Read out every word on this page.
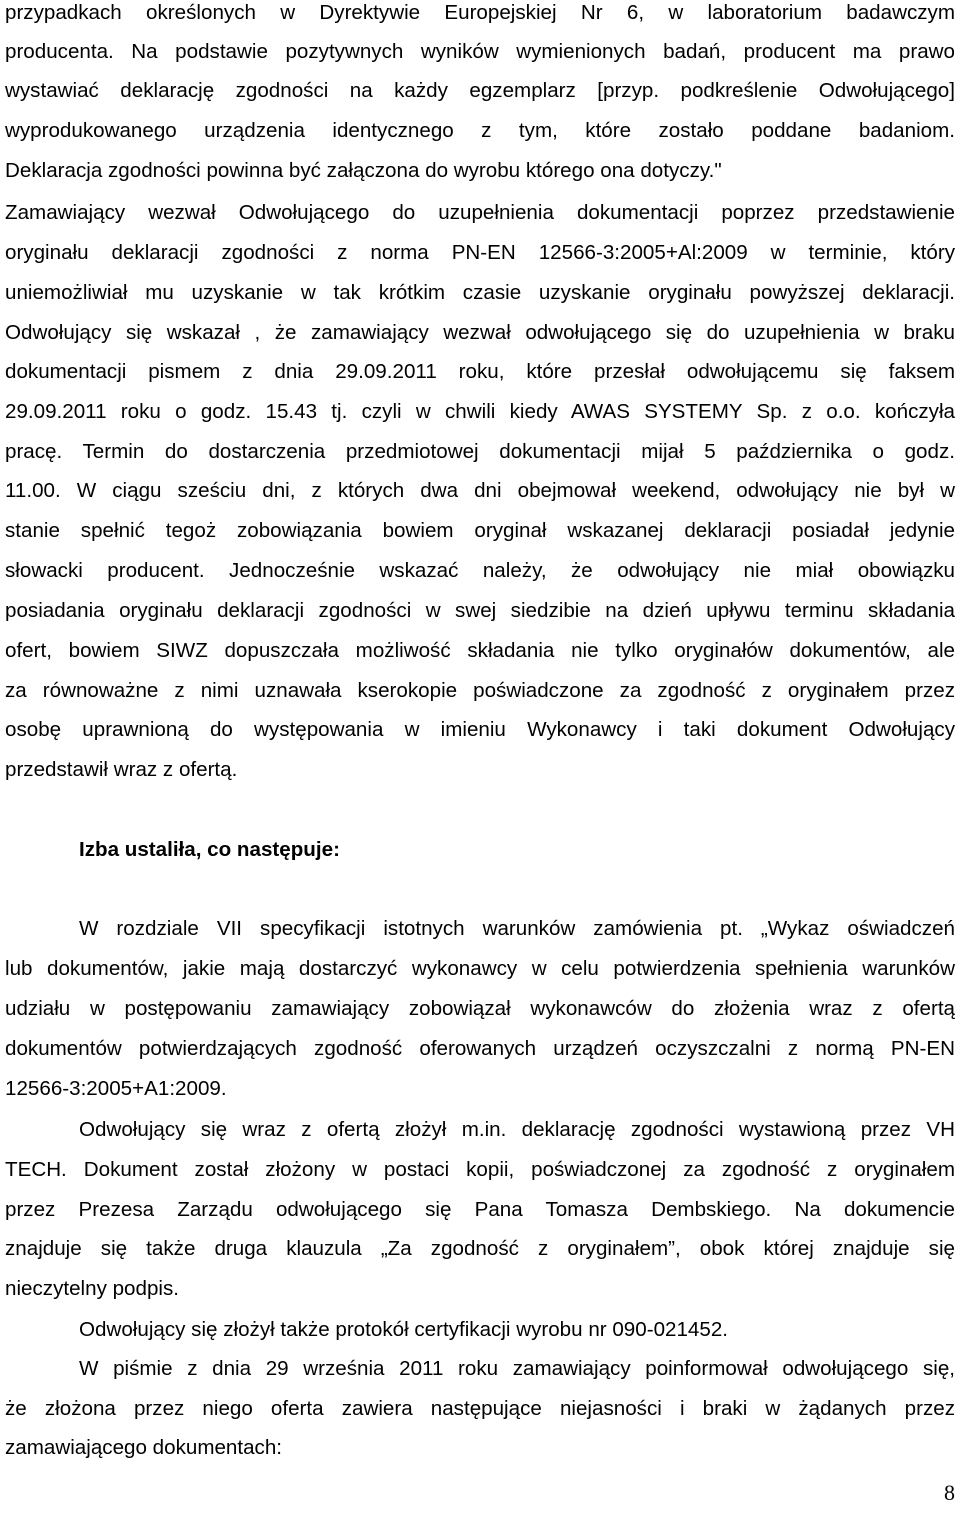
przypadkach określonych w Dyrektywie Europejskiej Nr 6, w laboratorium badawczym
producenta. Na podstawie pozytywnych wyników wymienionych badań, producent ma prawo
wystawiać deklarację zgodności na każdy egzemplarz [przyp. podkreślenie Odwołującego]
wyprodukowanego urządzenia identycznego z tym, które zostało poddane badaniom.
Deklaracja zgodności powinna być załączona do wyrobu którego ona dotyczy."
Zamawiający wezwał Odwołującego do uzupełnienia dokumentacji poprzez przedstawienie
oryginału deklaracji zgodności z norma PN-EN 12566-3:2005+Al:2009 w terminie, który
uniemożliwiał mu uzyskanie w tak krótkim czasie uzyskanie oryginału powyższej deklaracji.
Odwołujący się wskazał , że zamawiający wezwał odwołującego się do uzupełnienia w braku
dokumentacji pismem z dnia 29.09.2011 roku, które przesłał odwołującemu się faksem
29.09.2011 roku o godz. 15.43 tj. czyli w chwili kiedy AWAS SYSTEMY Sp. z o.o. kończyła
pracę. Termin do dostarczenia przedmiotowej dokumentacji mijał 5 października o godz.
11.00. W ciągu sześciu dni, z których dwa dni obejmował weekend, odwołujący nie był w
stanie spełnić tegoż zobowiązania bowiem oryginał wskazanej deklaracji posiadał jedynie
słowacki producent. Jednocześnie wskazać należy, że odwołujący nie miał obowiązku
posiadania oryginału deklaracji zgodności w swej siedzibie na dzień upływu terminu składania
ofert, bowiem SIWZ dopuszczała możliwość składania nie tylko oryginałów dokumentów, ale
za równoważne z nimi uznawała kserokopie poświadczone za zgodność z oryginałem przez
osobę uprawnioną do występowania w imieniu Wykonawcy i taki dokument Odwołujący
przedstawił wraz z ofertą.
Izba ustaliła, co następuje:
W rozdziale VII specyfikacji istotnych warunków zamówienia pt. „Wykaz oświadczeń
lub dokumentów, jakie mają dostarczyć wykonawcy w celu potwierdzenia spełnienia warunków
udziału w postępowaniu zamawiający zobowiązał wykonawców do złożenia wraz z ofertą
dokumentów potwierdzających zgodność oferowanych urządzeń oczyszczalni z normą PN-EN
12566-3:2005+A1:2009.
Odwołujący się wraz z ofertą złożył m.in. deklarację zgodności wystawioną przez VH
TECH. Dokument został złożony w postaci kopii, poświadczonej za zgodność z oryginałem
przez Prezesa Zarządu odwołującego się Pana Tomasza Dembskiego. Na dokumencie
znajduje się także druga klauzula „Za zgodność z oryginałem”, obok której znajduje się
nieczytelny podpis.
Odwołujący się złożył także protokół certyfikacji wyrobu nr 090-021452.
W piśmie z dnia 29 września 2011 roku zamawiający poinformował odwołującego się,
że złożona przez niego oferta zawiera następujące niejasności i braki w żądanych przez
zamawiającego dokumentach:
8
